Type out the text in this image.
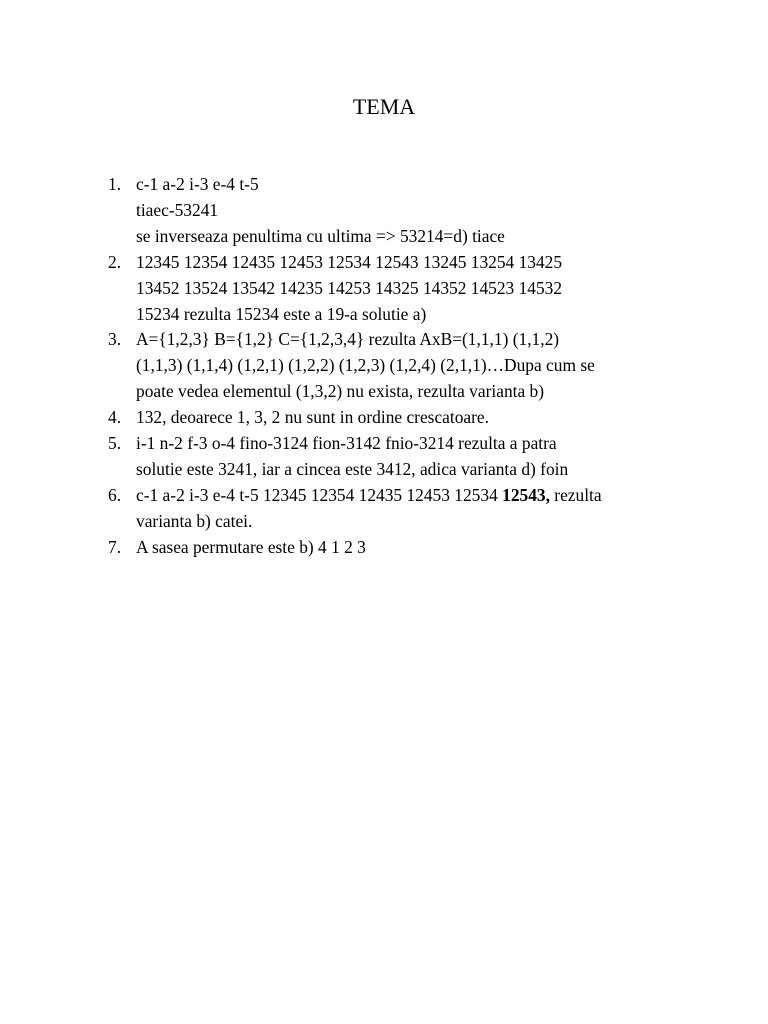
TEMA
1. c-1 a-2 i-3 e-4 t-5
tiaec-53241
se inverseaza penultima cu ultima => 53214=d) tiace
2. 12345 12354 12435 12453 12534 12543 13245 13254 13425
13452 13524 13542 14235 14253 14325 14352 14523 14532
15234 rezulta 15234 este a 19-a solutie a)
3. A={1,2,3} B={1,2} C={1,2,3,4} rezulta AxB=(1,1,1) (1,1,2)
(1,1,3) (1,1,4) (1,2,1) (1,2,2) (1,2,3) (1,2,4) (2,1,1)…Dupa cum se
poate vedea elementul (1,3,2) nu exista, rezulta varianta b)
4. 132, deoarece 1, 3, 2 nu sunt in ordine crescatoare.
5. i-1 n-2 f-3 o-4 fino-3124 fion-3142 fnio-3214 rezulta a patra
solutie este 3241, iar a cincea este 3412, adica varianta d) foin
6. c-1 a-2 i-3 e-4 t-5 12345 12354 12435 12453 12534 12543, rezulta
varianta b) catei.
7. A sasea permutare este b) 4 1 2 3
